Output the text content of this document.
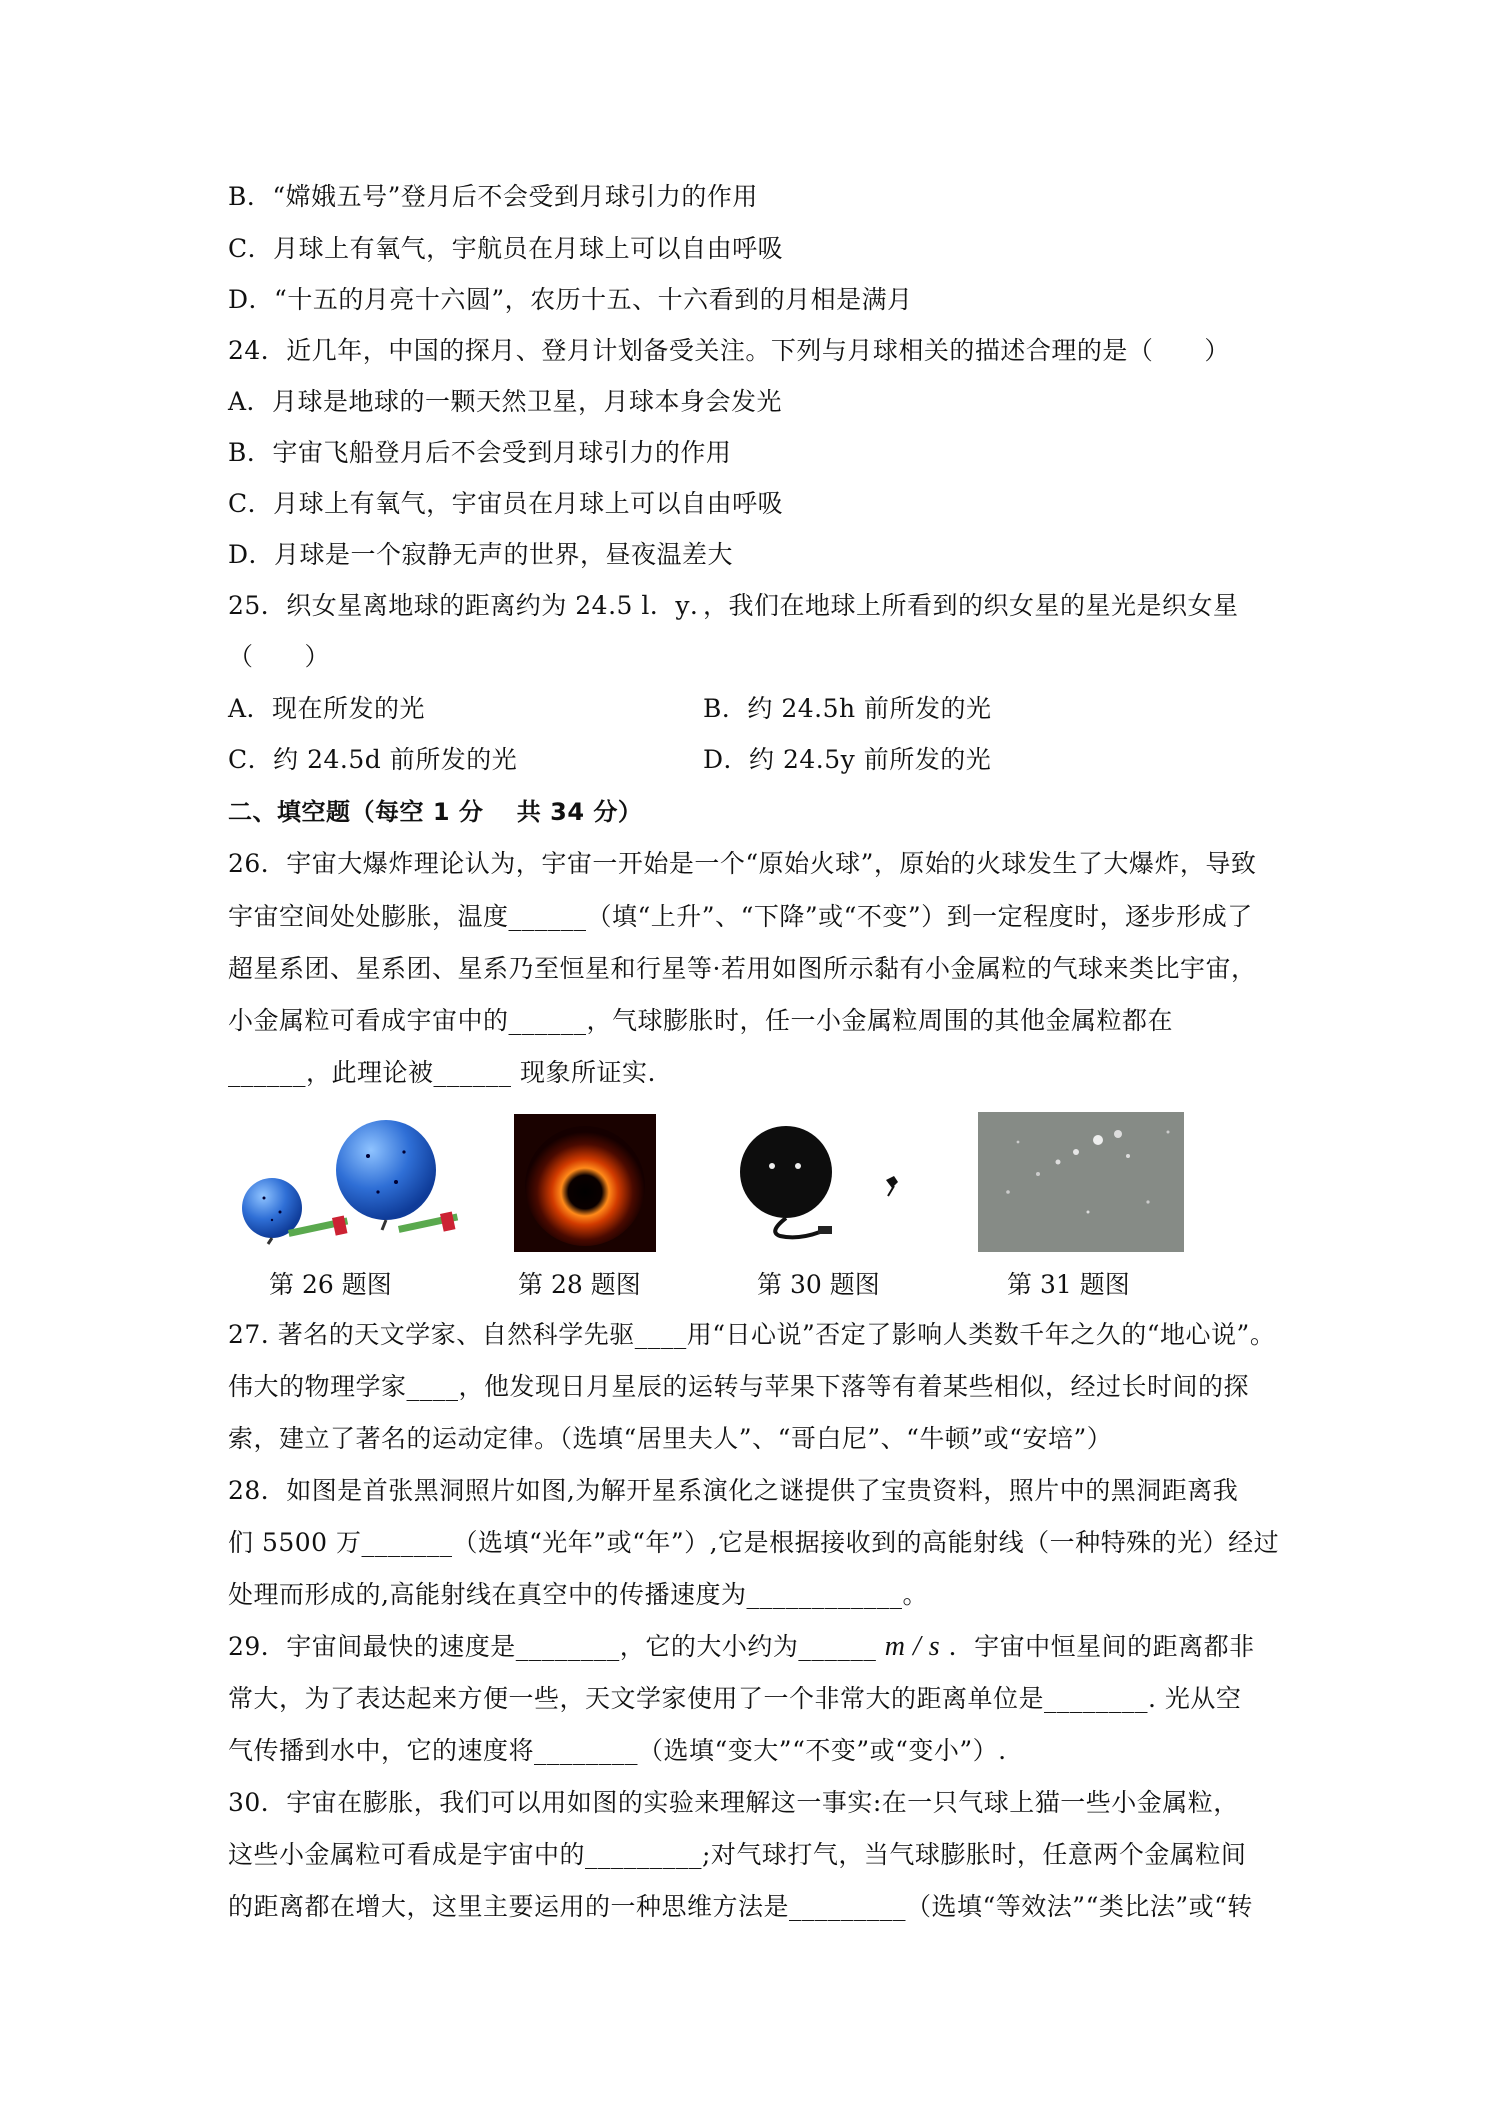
B．“嫦娥五号”登月后不会受到月球引力的作用
C．月球上有氧气，宇航员在月球上可以自由呼吸
D．“十五的月亮十六圆”，农历十五、十六看到的月相是满月
24．近几年，中国的探月、登月计划备受关注。下列与月球相关的描述合理的是（　　）
A．月球是地球的一颗天然卫星，月球本身会发光
B．宇宙飞船登月后不会受到月球引力的作用
C．月球上有氧气，宇宙员在月球上可以自由呼吸
D．月球是一个寂静无声的世界，昼夜温差大
25．织女星离地球的距离约为 24.5 l．y．，我们在地球上所看到的织女星的星光是织女星
（　　）
A．现在所发的光	B．约 24.5h 前所发的光
C．约 24.5d 前所发的光	D．约 24.5y 前所发的光
二、填空题（每空 1 分　 共 34 分）
26．宇宙大爆炸理论认为，宇宙一开始是一个“原始火球”，原始的火球发生了大爆炸，导致
宇宙空间处处膨胀，温度______（填“上升”、“下降”或“不变”）到一定程度时，逐步形成了
超星系团、星系团、星系乃至恒星和行星等·若用如图所示黏有小金属粒的气球来类比宇宙，
小金属粒可看成宇宙中的______，气球膨胀时，任一小金属粒周围的其他金属粒都在
______，此理论被______ 现象所证实.
第 26 题图	第 28 题图	第 30 题图	第 31 题图
27. 著名的天文学家、自然科学先驱____用“日心说”否定了影响人类数千年之久的“地心说”。
伟大的物理学家____，他发现日月星辰的运转与苹果下落等有着某些相似，经过长时间的探
索，建立了著名的运动定律。（选填“居里夫人”、“哥白尼”、“牛顿”或“安培”）
28．如图是首张黑洞照片如图,为解开星系演化之谜提供了宝贵资料，照片中的黑洞距离我
们 5500 万_______（选填“光年”或“年”）,它是根据接收到的高能射线（一种特殊的光）经过
处理而形成的,高能射线在真空中的传播速度为____________。
29．宇宙间最快的速度是________，它的大小约为______ m / s ．宇宙中恒星间的距离都非
常大，为了表达起来方便一些，天文学家使用了一个非常大的距离单位是________. 光从空
气传播到水中，它的速度将________（选填“变大”“不变”或“变小”）.
30．宇宙在膨胀，我们可以用如图的实验来理解这一事实:在一只气球上猫一些小金属粒，
这些小金属粒可看成是宇宙中的_________;对气球打气，当气球膨胀时，任意两个金属粒间
的距离都在增大，这里主要运用的一种思维方法是_________（选填“等效法”“类比法”或“转
